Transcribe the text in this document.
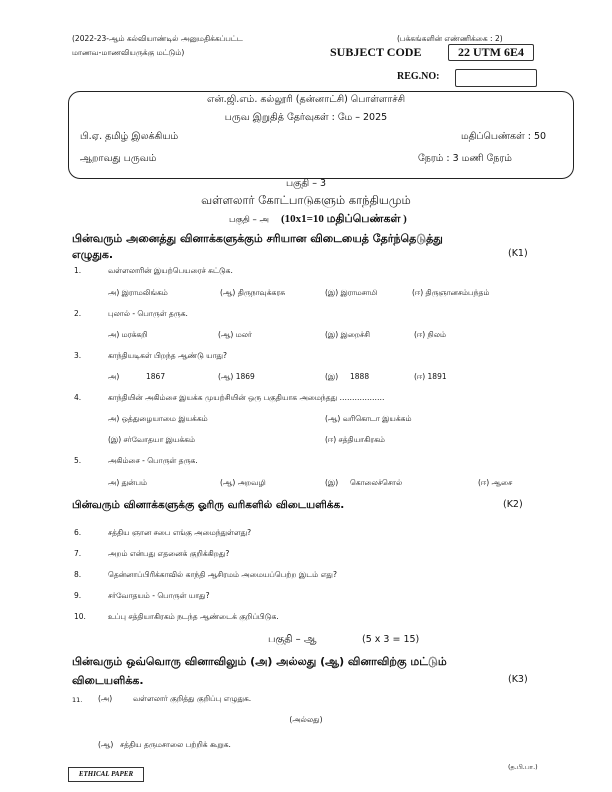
(2022-23-ஆம் கல்வியாண்டில் அனுமதிக்கப்பட்ட
மாணவ-மாணவியருக்கு மட்டும்)
(பக்கங்களின் எண்ணிக்கை : 2)
SUBJECT CODE	22 UTM 6E4
REG.NO:
என்.ஜி.எம். கல்லூரி (தன்னாட்சி) பொள்ளாச்சி
பருவ இறுதித் தேர்வுகள் : மே – 2025
பி.ஏ. தமிழ் இலக்கியம்	மதிப்பெண்கள் : 50
ஆறாவது பருவம்	நேரம் : 3 மணி நேரம்
பகுதி – 3
வள்ளலார் கோட்பாடுகளும் காந்தியமும்
பகுதி – அ (10x1=10 மதிப்பெண்கள் )
பின்வரும் அனைத்து வினாக்களுக்கும் சரியான விடையைத் தேர்ந்தெடுத்து
எழுதுக.	(K1)
1.	வள்ளலாரின் இயற்பெயரைச் சுட்டுக.
அ) இராமலிங்கம்	(ஆ) திருநாவுக்கரசு	(இ) இராமசாமி	(ஈ) திருஞானசம்பந்தம்
2.	புலால் - பொருள் தருக.
அ) மரக்கறி	(ஆ) மலர்	(இ) இறைச்சி	(ஈ) நிலம்
3.	காந்தியடிகள் பிறந்த ஆண்டு யாது?
அ)	1867	(ஆ) 1869	(இ) 1888	(ஈ) 1891
4.	காந்தியின் அகிம்சை இயக்க முயற்சியின் ஒரு பகுதியாக அமைந்தது ………………
அ) ஒத்துழையாமை இயக்கம்	(ஆ) வரிகொடா இயக்கம்
(இ) சர்வோதயா இயக்கம்	(ஈ) சத்தியாகிரகம்
5.	அகிம்சை - பொருள் தருக.
அ) துன்பம்	(ஆ) அறவழி	(இ) கொலைச்சொல்	(ஈ) ஆசை
பின்வரும் வினாக்களுக்கு ஓரிரு வரிகளில் விடையளிக்க.	(K2)
6.	சத்திய ஞான சபை எங்கு அமைந்துள்ளது?
7.	அறம் என்பது எதனைக் குறிக்கிறது?
8.	தென்னாப்பிரிக்காவில் காந்தி ஆசிரமம் அமையப்பெற்ற இடம் எது?
9.	சர்வோதயம் - பொருள் யாது?
10.	உப்பு சத்தியாகிரகம் நடந்த ஆண்டைக் குறிப்பிடுக.
பகுதி – ஆ	(5 x 3 = 15)
பின்வரும் ஒவ்வொரு வினாவிலும் (அ) அல்லது (ஆ) வினாவிற்கு மட்டும்
விடையளிக்க.	(K3)
11. (அ)	வள்ளலார் குறித்து குறிப்பு எழுதுக.
(அல்லது)
(ஆ) சத்திய தருமசாலை பற்றிக் கூறுக.
ETHICAL PAPER
(த.பி.பா.)
